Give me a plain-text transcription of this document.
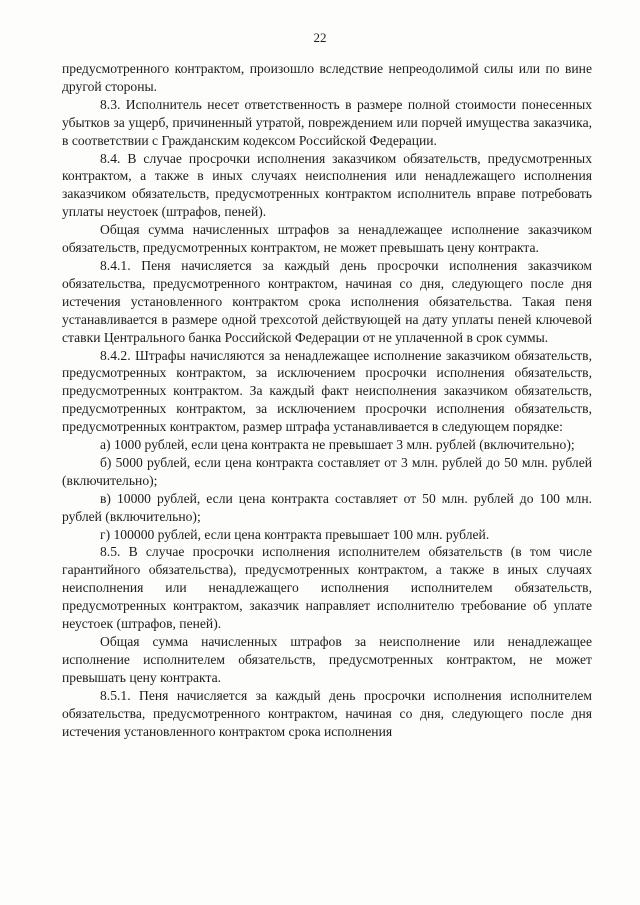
22

предусмотренного контрактом, произошло вследствие непреодолимой силы или по вине другой стороны.

8.3. Исполнитель несет ответственность в размере полной стоимости понесенных убытков за ущерб, причиненный утратой, повреждением или порчей имущества заказчика, в соответствии с Гражданским кодексом Российской Федерации.

8.4. В случае просрочки исполнения заказчиком обязательств, предусмотренных контрактом, а также в иных случаях неисполнения или ненадлежащего исполнения заказчиком обязательств, предусмотренных контрактом исполнитель вправе потребовать уплаты неустоек (штрафов, пеней).

Общая сумма начисленных штрафов за ненадлежащее исполнение заказчиком обязательств, предусмотренных контрактом, не может превышать цену контракта.

8.4.1. Пеня начисляется за каждый день просрочки исполнения заказчиком обязательства, предусмотренного контрактом, начиная со дня, следующего после дня истечения установленного контрактом срока исполнения обязательства. Такая пеня устанавливается в размере одной трехсотой действующей на дату уплаты пеней ключевой ставки Центрального банка Российской Федерации от не уплаченной в срок суммы.

8.4.2. Штрафы начисляются за ненадлежащее исполнение заказчиком обязательств, предусмотренных контрактом, за исключением просрочки исполнения обязательств, предусмотренных контрактом. За каждый факт неисполнения заказчиком обязательств, предусмотренных контрактом, за исключением просрочки исполнения обязательств, предусмотренных контрактом, размер штрафа устанавливается в следующем порядке:

а) 1000 рублей, если цена контракта не превышает 3 млн. рублей (включительно);

б) 5000 рублей, если цена контракта составляет от 3 млн. рублей до 50 млн. рублей (включительно);

в) 10000 рублей, если цена контракта составляет от 50 млн. рублей до 100 млн. рублей (включительно);

г) 100000 рублей, если цена контракта превышает 100 млн. рублей.

8.5. В случае просрочки исполнения исполнителем обязательств (в том числе гарантийного обязательства), предусмотренных контрактом, а также в иных случаях неисполнения или ненадлежащего исполнения исполнителем обязательств, предусмотренных контрактом, заказчик направляет исполнителю требование об уплате неустоек (штрафов, пеней).

Общая сумма начисленных штрафов за неисполнение или ненадлежащее исполнение исполнителем обязательств, предусмотренных контрактом, не может превышать цену контракта.

8.5.1. Пеня начисляется за каждый день просрочки исполнения исполнителем обязательства, предусмотренного контрактом, начиная со дня, следующего после дня истечения установленного контрактом срока исполнения
